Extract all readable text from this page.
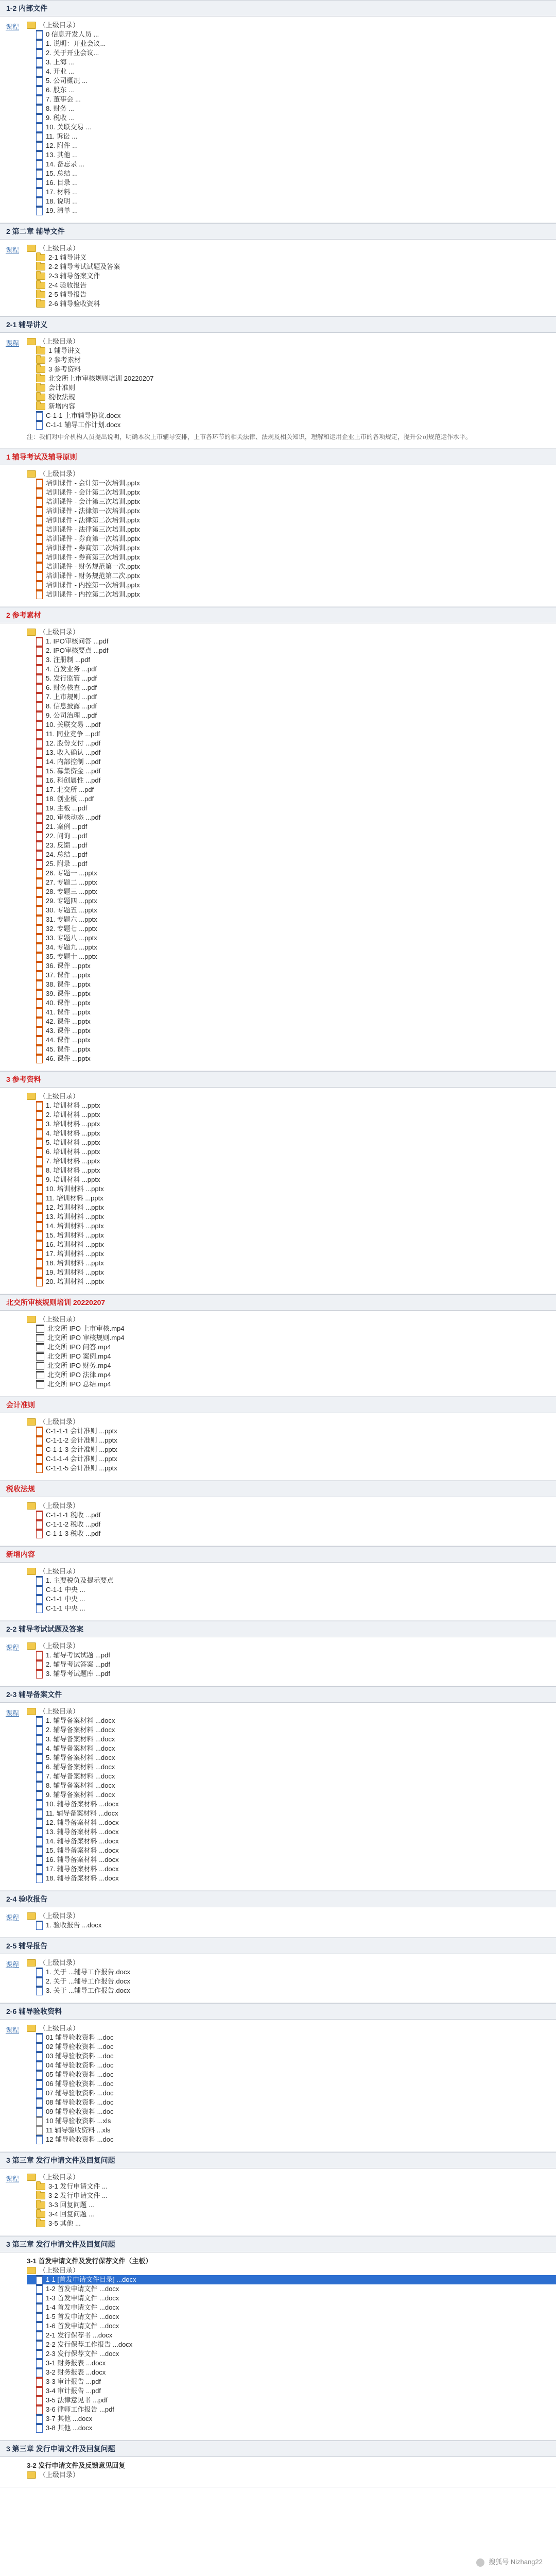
1-2 内部文件
课程	（上级目录）
0 信息开发人员 ...
1. 说明：开业会议...
2. 关于开业会议...
3. 上海 ...
4. 开业 ...
5. 公司概况 ...
6. 股东 ...
7. 董事会 ...
8. 财务 ...
9. 税收 ...
10. 关联交易 ...
11. 诉讼 ...
12. 附件 ...
13. 其他 ...
14. 备忘录 ...
15. 总结 ...
16. 目录 ...
17. 材料 ...
18. 说明 ...
19. 清单 ...
2 第二章 辅导文件
课程	（上级目录）
2-1 辅导讲义
2-2 辅导考试试题及答案
2-3 辅导备案文件
2-4 验收报告
2-5 辅导报告
2-6 辅导验收资料
2-1 辅导讲义
课程	（上级目录）
1 辅导讲义
2 参考素材
3 参考资料
北交所上市审核规则培训 20220207
会计准则
税收法规
新增内容
C-1-1 上市辅导协议.docx
C-1-1 辅导工作计划.docx
注：我们对中介机构人员提出说明，明确本次上市辅导安排，上市各环节的相关法律、法规及相关知识，理解和运用企业上市的各项规定，提升公司规范运作水平。
1 辅导考试及辅导原则
（上级目录）
培训课件 - 会计第一次培训.pptx
培训课件 - 会计第二次培训.pptx
培训课件 - 会计第三次培训.pptx
培训课件 - 法律第一次培训.pptx
培训课件 - 法律第二次培训.pptx
培训课件 - 法律第三次培训.pptx
培训课件 - 券商第一次培训.pptx
培训课件 - 券商第二次培训.pptx
培训课件 - 券商第三次培训.pptx
培训课件 - 财务规范第一次.pptx
培训课件 - 财务规范第二次.pptx
培训课件 - 内控第一次培训.pptx
培训课件 - 内控第二次培训.pptx
2 参考素材
（上级目录）
1. IPO审核问答 ...pdf
2. IPO审核要点 ...pdf
3. 注册制 ...pdf
4. 首发业务 ...pdf
5. 发行监管 ...pdf
6. 财务核查 ...pdf
7. 上市规则 ...pdf
8. 信息披露 ...pdf
9. 公司治理 ...pdf
10. 关联交易 ...pdf
11. 同业竞争 ...pdf
12. 股份支付 ...pdf
13. 收入确认 ...pdf
14. 内部控制 ...pdf
15. 募集资金 ...pdf
16. 科创属性 ...pdf
17. 北交所 ...pdf
18. 创业板 ...pdf
19. 主板 ...pdf
20. 审核动态 ...pdf
21. 案例 ...pdf
22. 问询 ...pdf
23. 反馈 ...pdf
24. 总结 ...pdf
25. 附录 ...pdf
26. 专题一 ...pptx
27. 专题二 ...pptx
28. 专题三 ...pptx
29. 专题四 ...pptx
30. 专题五 ...pptx
31. 专题六 ...pptx
32. 专题七 ...pptx
33. 专题八 ...pptx
34. 专题九 ...pptx
35. 专题十 ...pptx
36. 课件 ...pptx
37. 课件 ...pptx
38. 课件 ...pptx
39. 课件 ...pptx
40. 课件 ...pptx
41. 课件 ...pptx
42. 课件 ...pptx
43. 课件 ...pptx
44. 课件 ...pptx
45. 课件 ...pptx
46. 课件 ...pptx
3 参考资料
（上级目录）
1. 培训材料 ...pptx
2. 培训材料 ...pptx
3. 培训材料 ...pptx
4. 培训材料 ...pptx
5. 培训材料 ...pptx
6. 培训材料 ...pptx
7. 培训材料 ...pptx
8. 培训材料 ...pptx
9. 培训材料 ...pptx
10. 培训材料 ...pptx
11. 培训材料 ...pptx
12. 培训材料 ...pptx
13. 培训材料 ...pptx
14. 培训材料 ...pptx
15. 培训材料 ...pptx
16. 培训材料 ...pptx
17. 培训材料 ...pptx
18. 培训材料 ...pptx
19. 培训材料 ...pptx
20. 培训材料 ...pptx
北交所审核规则培训 20220207
（上级目录）
北交所 IPO 上市审核.mp4
北交所 IPO 审核规则.mp4
北交所 IPO 问答.mp4
北交所 IPO 案例.mp4
北交所 IPO 财务.mp4
北交所 IPO 法律.mp4
北交所 IPO 总结.mp4
会计准则
（上级目录）
C-1-1-1 会计准则 ...pptx
C-1-1-2 会计准则 ...pptx
C-1-1-3 会计准则 ...pptx
C-1-1-4 会计准则 ...pptx
C-1-1-5 会计准则 ...pptx
税收法规
（上级目录）
C-1-1-1 税收 ...pdf
C-1-1-2 税收 ...pdf
C-1-1-3 税收 ...pdf
新增内容
（上级目录）
1. 主要税负及提示要点
C-1-1 中央 ...
C-1-1 中央 ...
C-1-1 中央 ...
2-2 辅导考试试题及答案
课程	（上级目录）
1. 辅导考试试题 ...pdf
2. 辅导考试答案 ...pdf
3. 辅导考试题库 ...pdf
2-3 辅导备案文件
课程	（上级目录）
1. 辅导备案材料 ...docx
2. 辅导备案材料 ...docx
3. 辅导备案材料 ...docx
4. 辅导备案材料 ...docx
5. 辅导备案材料 ...docx
6. 辅导备案材料 ...docx
7. 辅导备案材料 ...docx
8. 辅导备案材料 ...docx
9. 辅导备案材料 ...docx
10. 辅导备案材料 ...docx
11. 辅导备案材料 ...docx
12. 辅导备案材料 ...docx
13. 辅导备案材料 ...docx
14. 辅导备案材料 ...docx
15. 辅导备案材料 ...docx
16. 辅导备案材料 ...docx
17. 辅导备案材料 ...docx
18. 辅导备案材料 ...docx
2-4 验收报告
课程	（上级目录）
1. 验收报告 ...docx
2-5 辅导报告
课程	（上级目录）
1. 关于 ...辅导工作报告.docx
2. 关于 ...辅导工作报告.docx
3. 关于 ...辅导工作报告.docx
2-6 辅导验收资料
课程	（上级目录）
01 辅导验收资料 ...doc
02 辅导验收资料 ...doc
03 辅导验收资料 ...doc
04 辅导验收资料 ...doc
05 辅导验收资料 ...doc
06 辅导验收资料 ...doc
07 辅导验收资料 ...doc
08 辅导验收资料 ...doc
09 辅导验收资料 ...doc
10 辅导验收资料 ...xls
11 辅导验收资料 ...xls
12 辅导验收资料 ...doc
3 第三章 发行申请文件及回复问题
课程	（上级目录）
3-1 发行申请文件 ...
3-2 发行申请文件 ...
3-3 回复问题 ...
3-4 回复问题 ...
3-5 其他 ...
3 第三章 发行申请文件及回复问题
3-1 首发申请文件及发行保荐文件（主板）
（上级目录）
1-1 [首发申请文件目录] ...docx
1-2 首发申请文件 ...docx
1-3 首发申请文件 ...docx
1-4 首发申请文件 ...docx
1-5 首发申请文件 ...docx
1-6 首发申请文件 ...docx
2-1 发行保荐书 ...docx
2-2 发行保荐工作报告 ...docx
2-3 发行保荐文件 ...docx
3-1 财务报表 ...docx
3-2 财务报表 ...docx
3-3 审计报告 ...pdf
3-4 审计报告 ...pdf
3-5 法律意见书 ...pdf
3-6 律师工作报告 ...pdf
3-7 其他 ...docx
3-8 其他 ...docx
3 第三章 发行申请文件及回复问题
3-2 发行申请文件及反馈意见回复
（上级目录）
搜狐号 Nizhang22
